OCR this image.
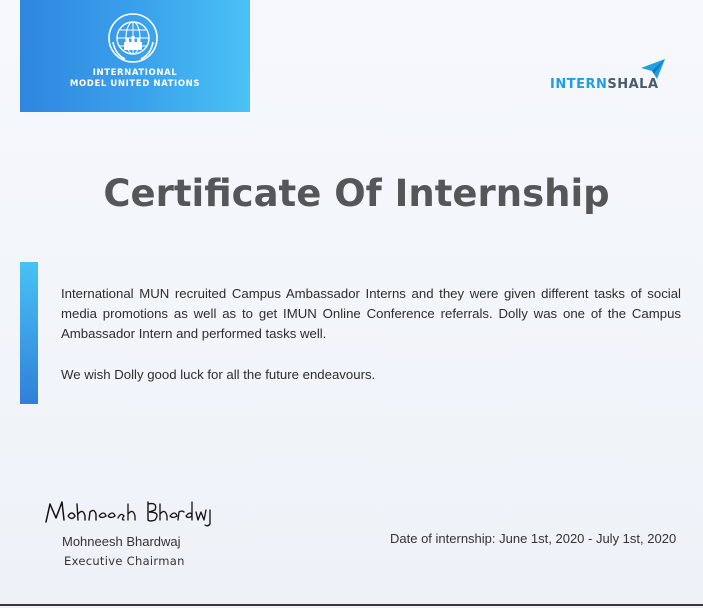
INTERNATIONAL
MODEL UNITED NATIONS	INTERNSHALA
Certificate Of Internship
International MUN recruited Campus Ambassador Interns and they were given different tasks of social media promotions as well as to get IMUN Online Conference referrals. Dolly was one of the Campus Ambassador Intern and performed tasks well.
We wish Dolly good luck for all the future endeavours.
Mohneesh Bhardwaj
Executive Chairman
Date of internship: June 1st, 2020 - July 1st, 2020
